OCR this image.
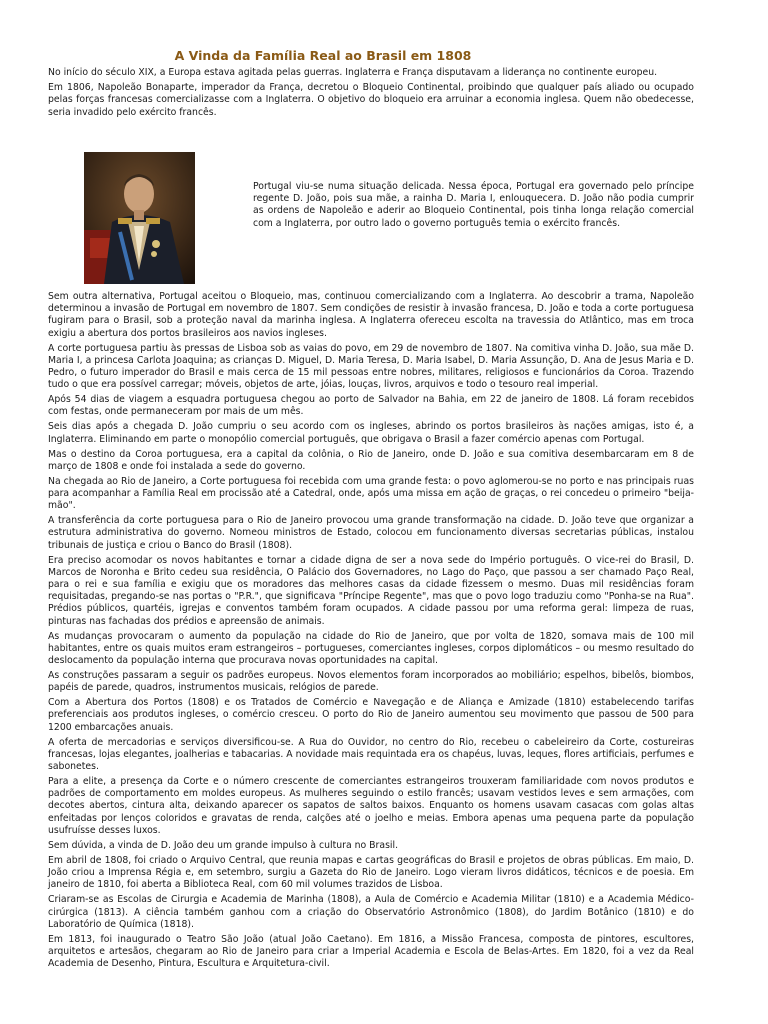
A Vinda da Família Real ao Brasil em 1808

No início do século XIX, a Europa estava agitada pelas guerras. Inglaterra e França disputavam a liderança no continente europeu.

Em 1806, Napoleão Bonaparte, imperador da França, decretou o Bloqueio Continental, proibindo que qualquer país aliado ou ocupado pelas forças francesas comercializasse com a Inglaterra. O objetivo do bloqueio era arruinar a economia inglesa. Quem não obedecesse, seria invadido pelo exército francês.

Portugal viu-se numa situação delicada. Nessa época, Portugal era governado pelo príncipe regente D. João, pois sua mãe, a rainha D. Maria I, enlouquecera. D. João não podia cumprir as ordens de Napoleão e aderir ao Bloqueio Continental, pois tinha longa relação comercial com a Inglaterra, por outro lado o governo português temia o exército francês.

Sem outra alternativa, Portugal aceitou o Bloqueio, mas, continuou comercializando com a Inglaterra. Ao descobrir a trama, Napoleão determinou a invasão de Portugal em novembro de 1807. Sem condições de resistir à invasão francesa, D. João e toda a corte portuguesa fugiram para o Brasil, sob a proteção naval da marinha inglesa. A Inglaterra ofereceu escolta na travessia do Atlântico, mas em troca exigiu a abertura dos portos brasileiros aos navios ingleses.

A corte portuguesa partiu às pressas de Lisboa sob as vaias do povo, em 29 de novembro de 1807. Na comitiva vinha D. João, sua mãe D. Maria I, a princesa Carlota Joaquina; as crianças D. Miguel, D. Maria Teresa, D. Maria Isabel, D. Maria Assunção, D. Ana de Jesus Maria e D. Pedro, o futuro imperador do Brasil e mais cerca de 15 mil pessoas entre nobres, militares, religiosos e funcionários da Coroa. Trazendo tudo o que era possível carregar; móveis, objetos de arte, jóias, louças, livros, arquivos e todo o tesouro real imperial.

Após 54 dias de viagem a esquadra portuguesa chegou ao porto de Salvador na Bahia, em 22 de janeiro de 1808. Lá foram recebidos com festas, onde permaneceram por mais de um mês.

Seis dias após a chegada D. João cumpriu o seu acordo com os ingleses, abrindo os portos brasileiros às nações amigas, isto é, a Inglaterra. Eliminando em parte o monopólio comercial português, que obrigava o Brasil a fazer comércio apenas com Portugal.

Mas o destino da Coroa portuguesa, era a capital da colônia, o Rio de Janeiro, onde D. João e sua comitiva desembarcaram em 8 de março de 1808 e onde foi instalada a sede do governo.

Na chegada ao Rio de Janeiro, a Corte portuguesa foi recebida com uma grande festa: o povo aglomerou-se no porto e nas principais ruas para acompanhar a Família Real em procissão até a Catedral, onde, após uma missa em ação de graças, o rei concedeu o primeiro "beija-mão".

A transferência da corte portuguesa para o Rio de Janeiro provocou uma grande transformação na cidade. D. João teve que organizar a estrutura administrativa do governo. Nomeou ministros de Estado, colocou em funcionamento diversas secretarias públicas, instalou tribunais de justiça e criou o Banco do Brasil (1808).

Era preciso acomodar os novos habitantes e tornar a cidade digna de ser a nova sede do Império português. O vice-rei do Brasil, D. Marcos de Noronha e Brito cedeu sua residência, O Palácio dos Governadores, no Lago do Paço, que passou a ser chamado Paço Real, para o rei e sua família e exigiu que os moradores das melhores casas da cidade fizessem o mesmo. Duas mil residências foram requisitadas, pregando-se nas portas o "P.R.", que significava "Príncipe Regente", mas que o povo logo traduziu como "Ponha-se na Rua". Prédios públicos, quartéis, igrejas e conventos também foram ocupados. A cidade passou por uma reforma geral: limpeza de ruas, pinturas nas fachadas dos prédios e apreensão de animais.

As mudanças provocaram o aumento da população na cidade do Rio de Janeiro, que por volta de 1820, somava mais de 100 mil habitantes, entre os quais muitos eram estrangeiros – portugueses, comerciantes ingleses, corpos diplomáticos – ou mesmo resultado do deslocamento da população interna que procurava novas oportunidades na capital.

As construções passaram a seguir os padrões europeus. Novos elementos foram incorporados ao mobiliário; espelhos, bibelôs, biombos, papéis de parede, quadros, instrumentos musicais, relógios de parede.

Com a Abertura dos Portos (1808) e os Tratados de Comércio e Navegação e de Aliança e Amizade (1810) estabelecendo tarifas preferenciais aos produtos ingleses, o comércio cresceu. O porto do Rio de Janeiro aumentou seu movimento que passou de 500 para 1200 embarcações anuais.

A oferta de mercadorias e serviços diversificou-se. A Rua do Ouvidor, no centro do Rio, recebeu o cabeleireiro da Corte, costureiras francesas, lojas elegantes, joalherias e tabacarias. A novidade mais requintada era os chapéus, luvas, leques, flores artificiais, perfumes e sabonetes.

Para a elite, a presença da Corte e o número crescente de comerciantes estrangeiros trouxeram familiaridade com novos produtos e padrões de comportamento em moldes europeus. As mulheres seguindo o estilo francês; usavam vestidos leves e sem armações, com decotes abertos, cintura alta, deixando aparecer os sapatos de saltos baixos. Enquanto os homens usavam casacas com golas altas enfeitadas por lenços coloridos e gravatas de renda, calções até o joelho e meias. Embora apenas uma pequena parte da população usufruísse desses luxos.

Sem dúvida, a vinda de D. João deu um grande impulso à cultura no Brasil.

Em abril de 1808, foi criado o Arquivo Central, que reunia mapas e cartas geográficas do Brasil e projetos de obras públicas. Em maio, D. João criou a Imprensa Régia e, em setembro, surgiu a Gazeta do Rio de Janeiro. Logo vieram livros didáticos, técnicos e de poesia. Em janeiro de 1810, foi aberta a Biblioteca Real, com 60 mil volumes trazidos de Lisboa.

Criaram-se as Escolas de Cirurgia e Academia de Marinha (1808), a Aula de Comércio e Academia Militar (1810) e a Academia Médico-cirúrgica (1813). A ciência também ganhou com a criação do Observatório Astronômico (1808), do Jardim Botânico (1810) e do Laboratório de Química (1818).

Em 1813, foi inaugurado o Teatro São João (atual João Caetano). Em 1816, a Missão Francesa, composta de pintores, escultores, arquitetos e artesãos, chegaram ao Rio de Janeiro para criar a Imperial Academia e Escola de Belas-Artes. Em 1820, foi a vez da Real Academia de Desenho, Pintura, Escultura e Arquitetura-civil.
